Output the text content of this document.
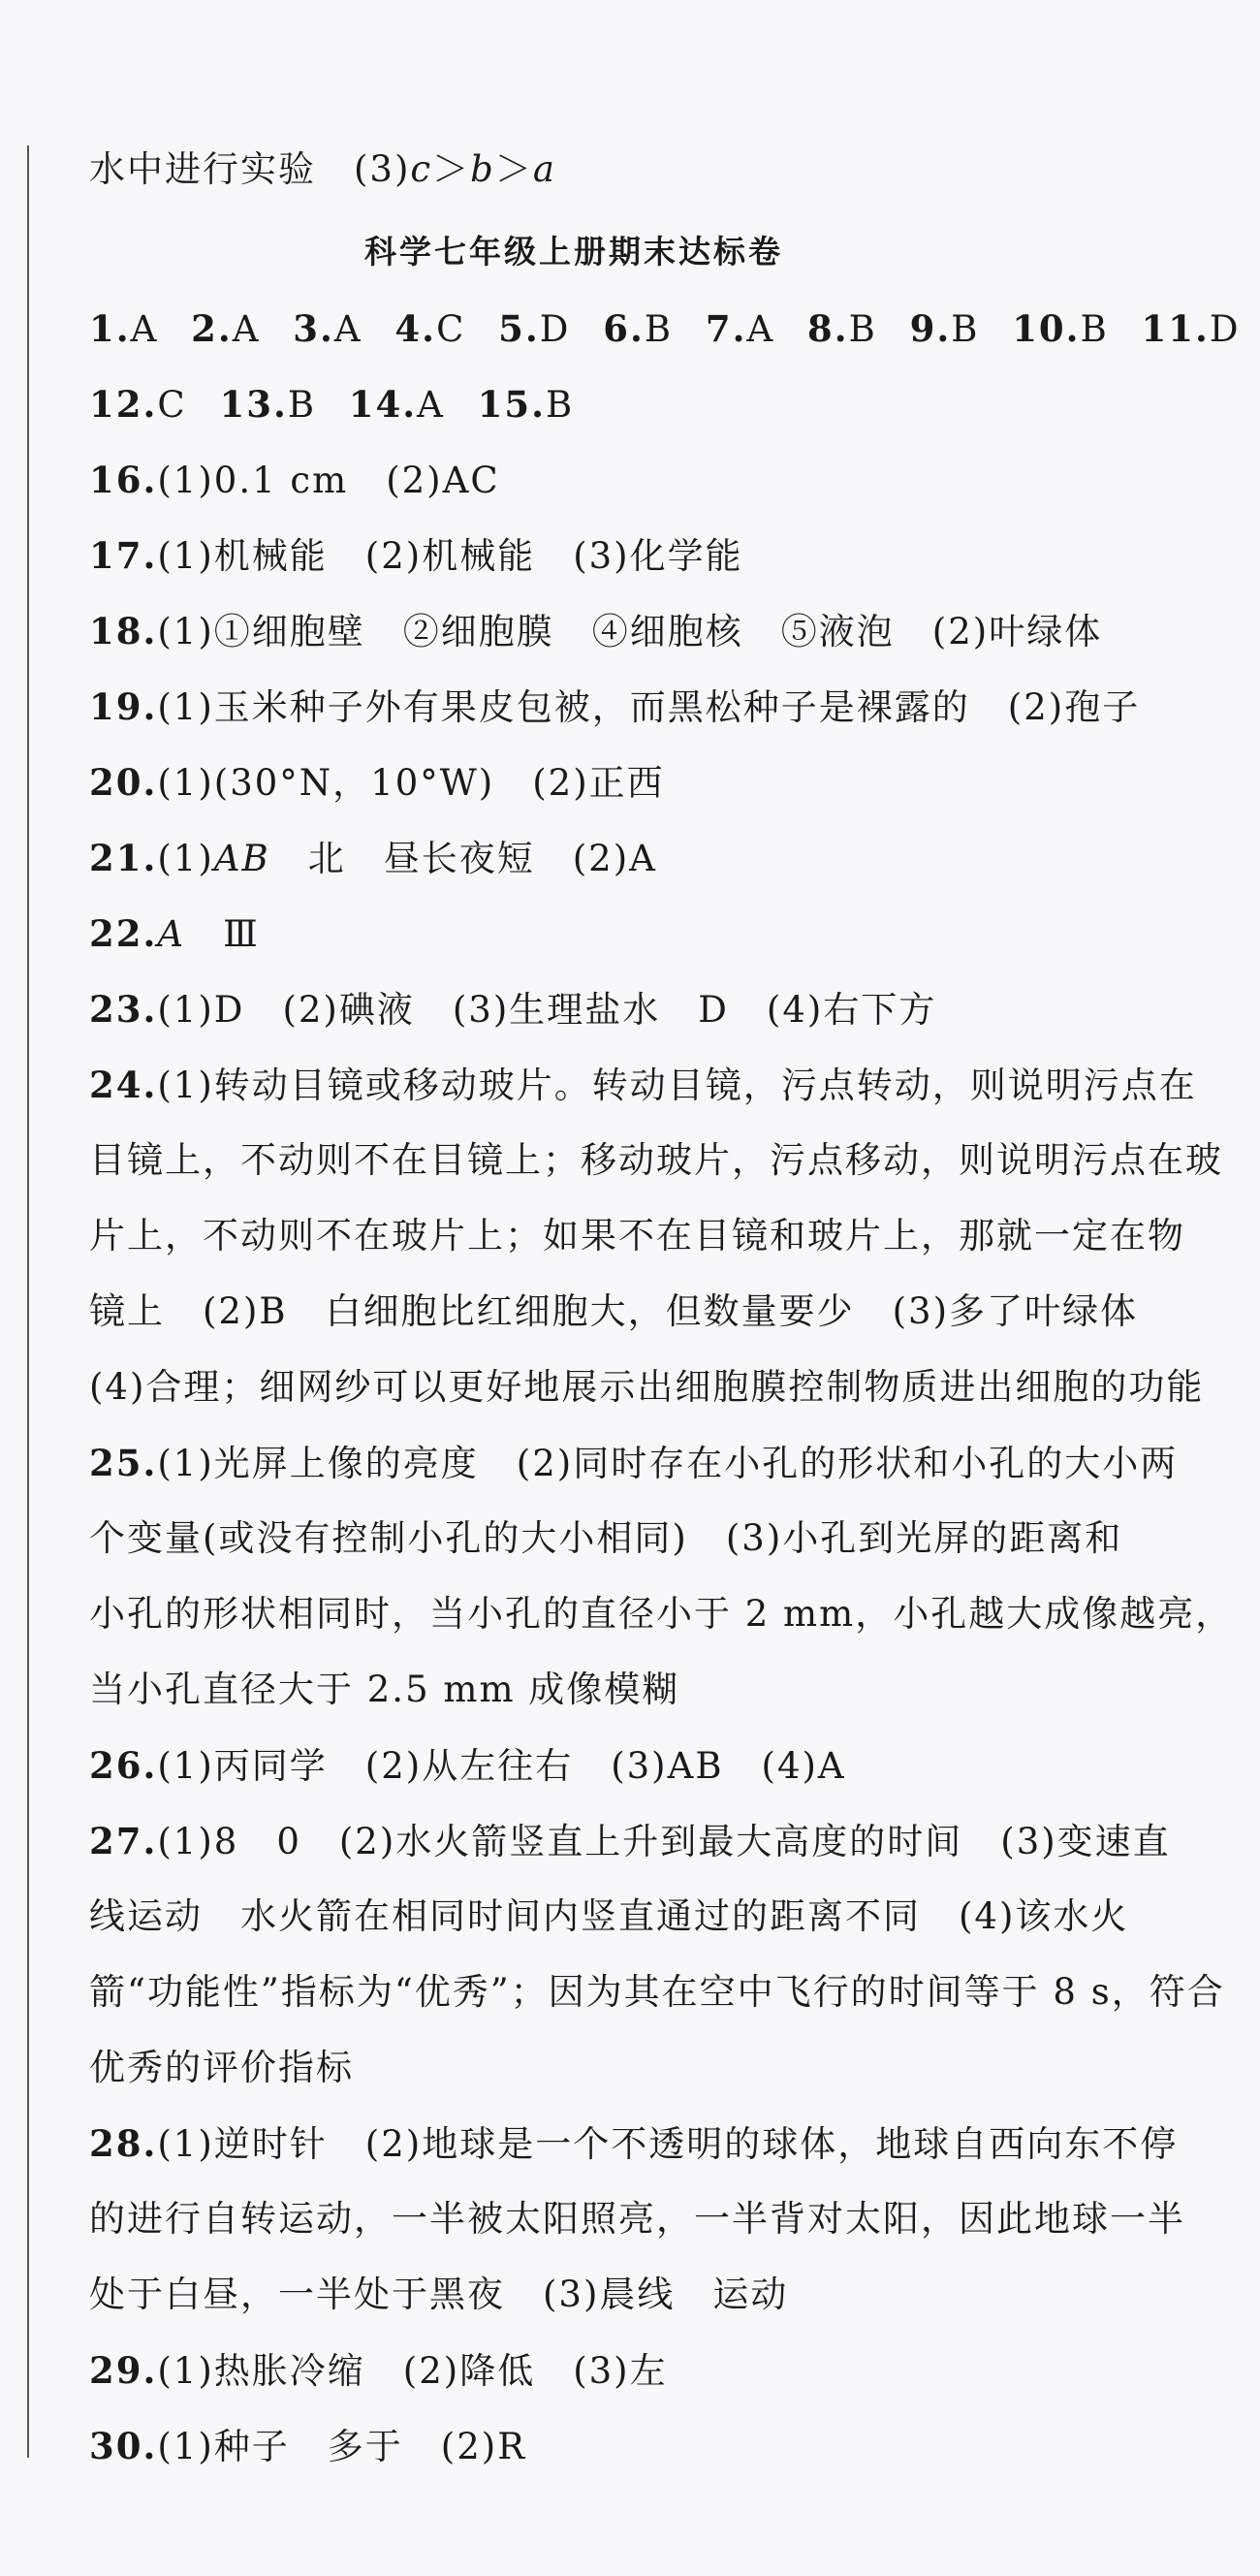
水中进行实验　(3)c＞b＞a
科学七年级上册期末达标卷
1.A 2.A 3.A 4.C 5.D 6.B 7.A 8.B 9.B 10.B 11.D
12.C 13.B 14.A 15.B
16.(1)0.1 cm　(2)AC
17.(1)机械能　(2)机械能　(3)化学能
18.(1)①细胞壁　②细胞膜　④细胞核　⑤液泡　(2)叶绿体
19.(1)玉米种子外有果皮包被，而黑松种子是裸露的　(2)孢子
20.(1)(30°N，10°W)　(2)正西
21.(1)AB　北　昼长夜短　(2)A
22.A　Ⅲ
23.(1)D　(2)碘液　(3)生理盐水　D　(4)右下方
24.(1)转动目镜或移动玻片。转动目镜，污点转动，则说明污点在
目镜上，不动则不在目镜上；移动玻片，污点移动，则说明污点在玻
片上，不动则不在玻片上；如果不在目镜和玻片上，那就一定在物
镜上　(2)B　白细胞比红细胞大，但数量要少　(3)多了叶绿体
(4)合理；细网纱可以更好地展示出细胞膜控制物质进出细胞的功能
25.(1)光屏上像的亮度　(2)同时存在小孔的形状和小孔的大小两
个变量(或没有控制小孔的大小相同)　(3)小孔到光屏的距离和
小孔的形状相同时，当小孔的直径小于 2 mm，小孔越大成像越亮，
当小孔直径大于 2.5 mm 成像模糊
26.(1)丙同学　(2)从左往右　(3)AB　(4)A
27.(1)8　0　(2)水火箭竖直上升到最大高度的时间　(3)变速直
线运动　水火箭在相同时间内竖直通过的距离不同　(4)该水火
箭“功能性”指标为“优秀”；因为其在空中飞行的时间等于 8 s，符合
优秀的评价指标
28.(1)逆时针　(2)地球是一个不透明的球体，地球自西向东不停
的进行自转运动，一半被太阳照亮，一半背对太阳，因此地球一半
处于白昼，一半处于黑夜　(3)晨线　运动
29.(1)热胀冷缩　(2)降低　(3)左
30.(1)种子　多于　(2)R
